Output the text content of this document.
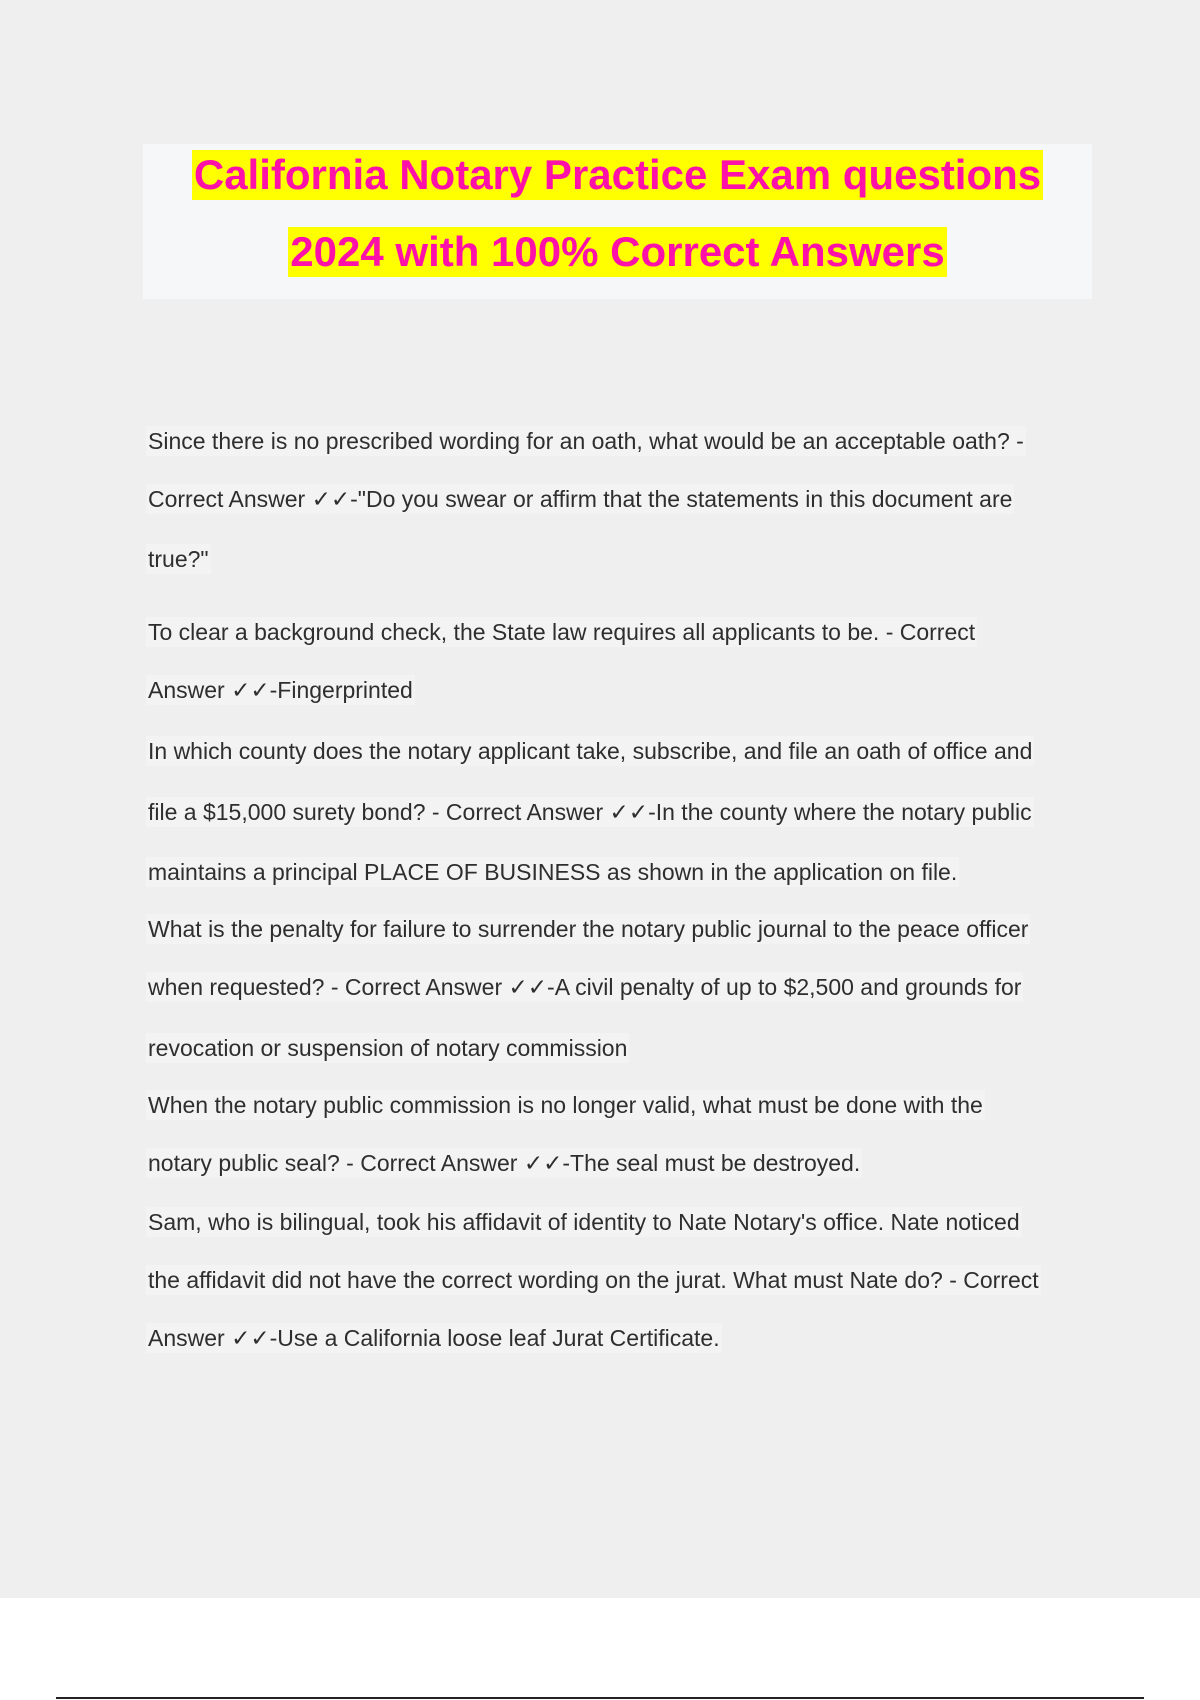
California Notary Practice Exam questions
2024 with 100% Correct Answers
Since there is no prescribed wording for an oath, what would be an acceptable oath? -
Correct Answer ✓✓-"Do you swear or affirm that the statements in this document are
true?"
To clear a background check, the State law requires all applicants to be. - Correct
Answer ✓✓-Fingerprinted
In which county does the notary applicant take, subscribe, and file an oath of office and
file a $15,000 surety bond? - Correct Answer ✓✓-In the county where the notary public
maintains a principal PLACE OF BUSINESS as shown in the application on file.
What is the penalty for failure to surrender the notary public journal to the peace officer
when requested? - Correct Answer ✓✓-A civil penalty of up to $2,500 and grounds for
revocation or suspension of notary commission
When the notary public commission is no longer valid, what must be done with the
notary public seal? - Correct Answer ✓✓-The seal must be destroyed.
Sam, who is bilingual, took his affidavit of identity to Nate Notary's office. Nate noticed
the affidavit did not have the correct wording on the jurat. What must Nate do? - Correct
Answer ✓✓-Use a California loose leaf Jurat Certificate.
